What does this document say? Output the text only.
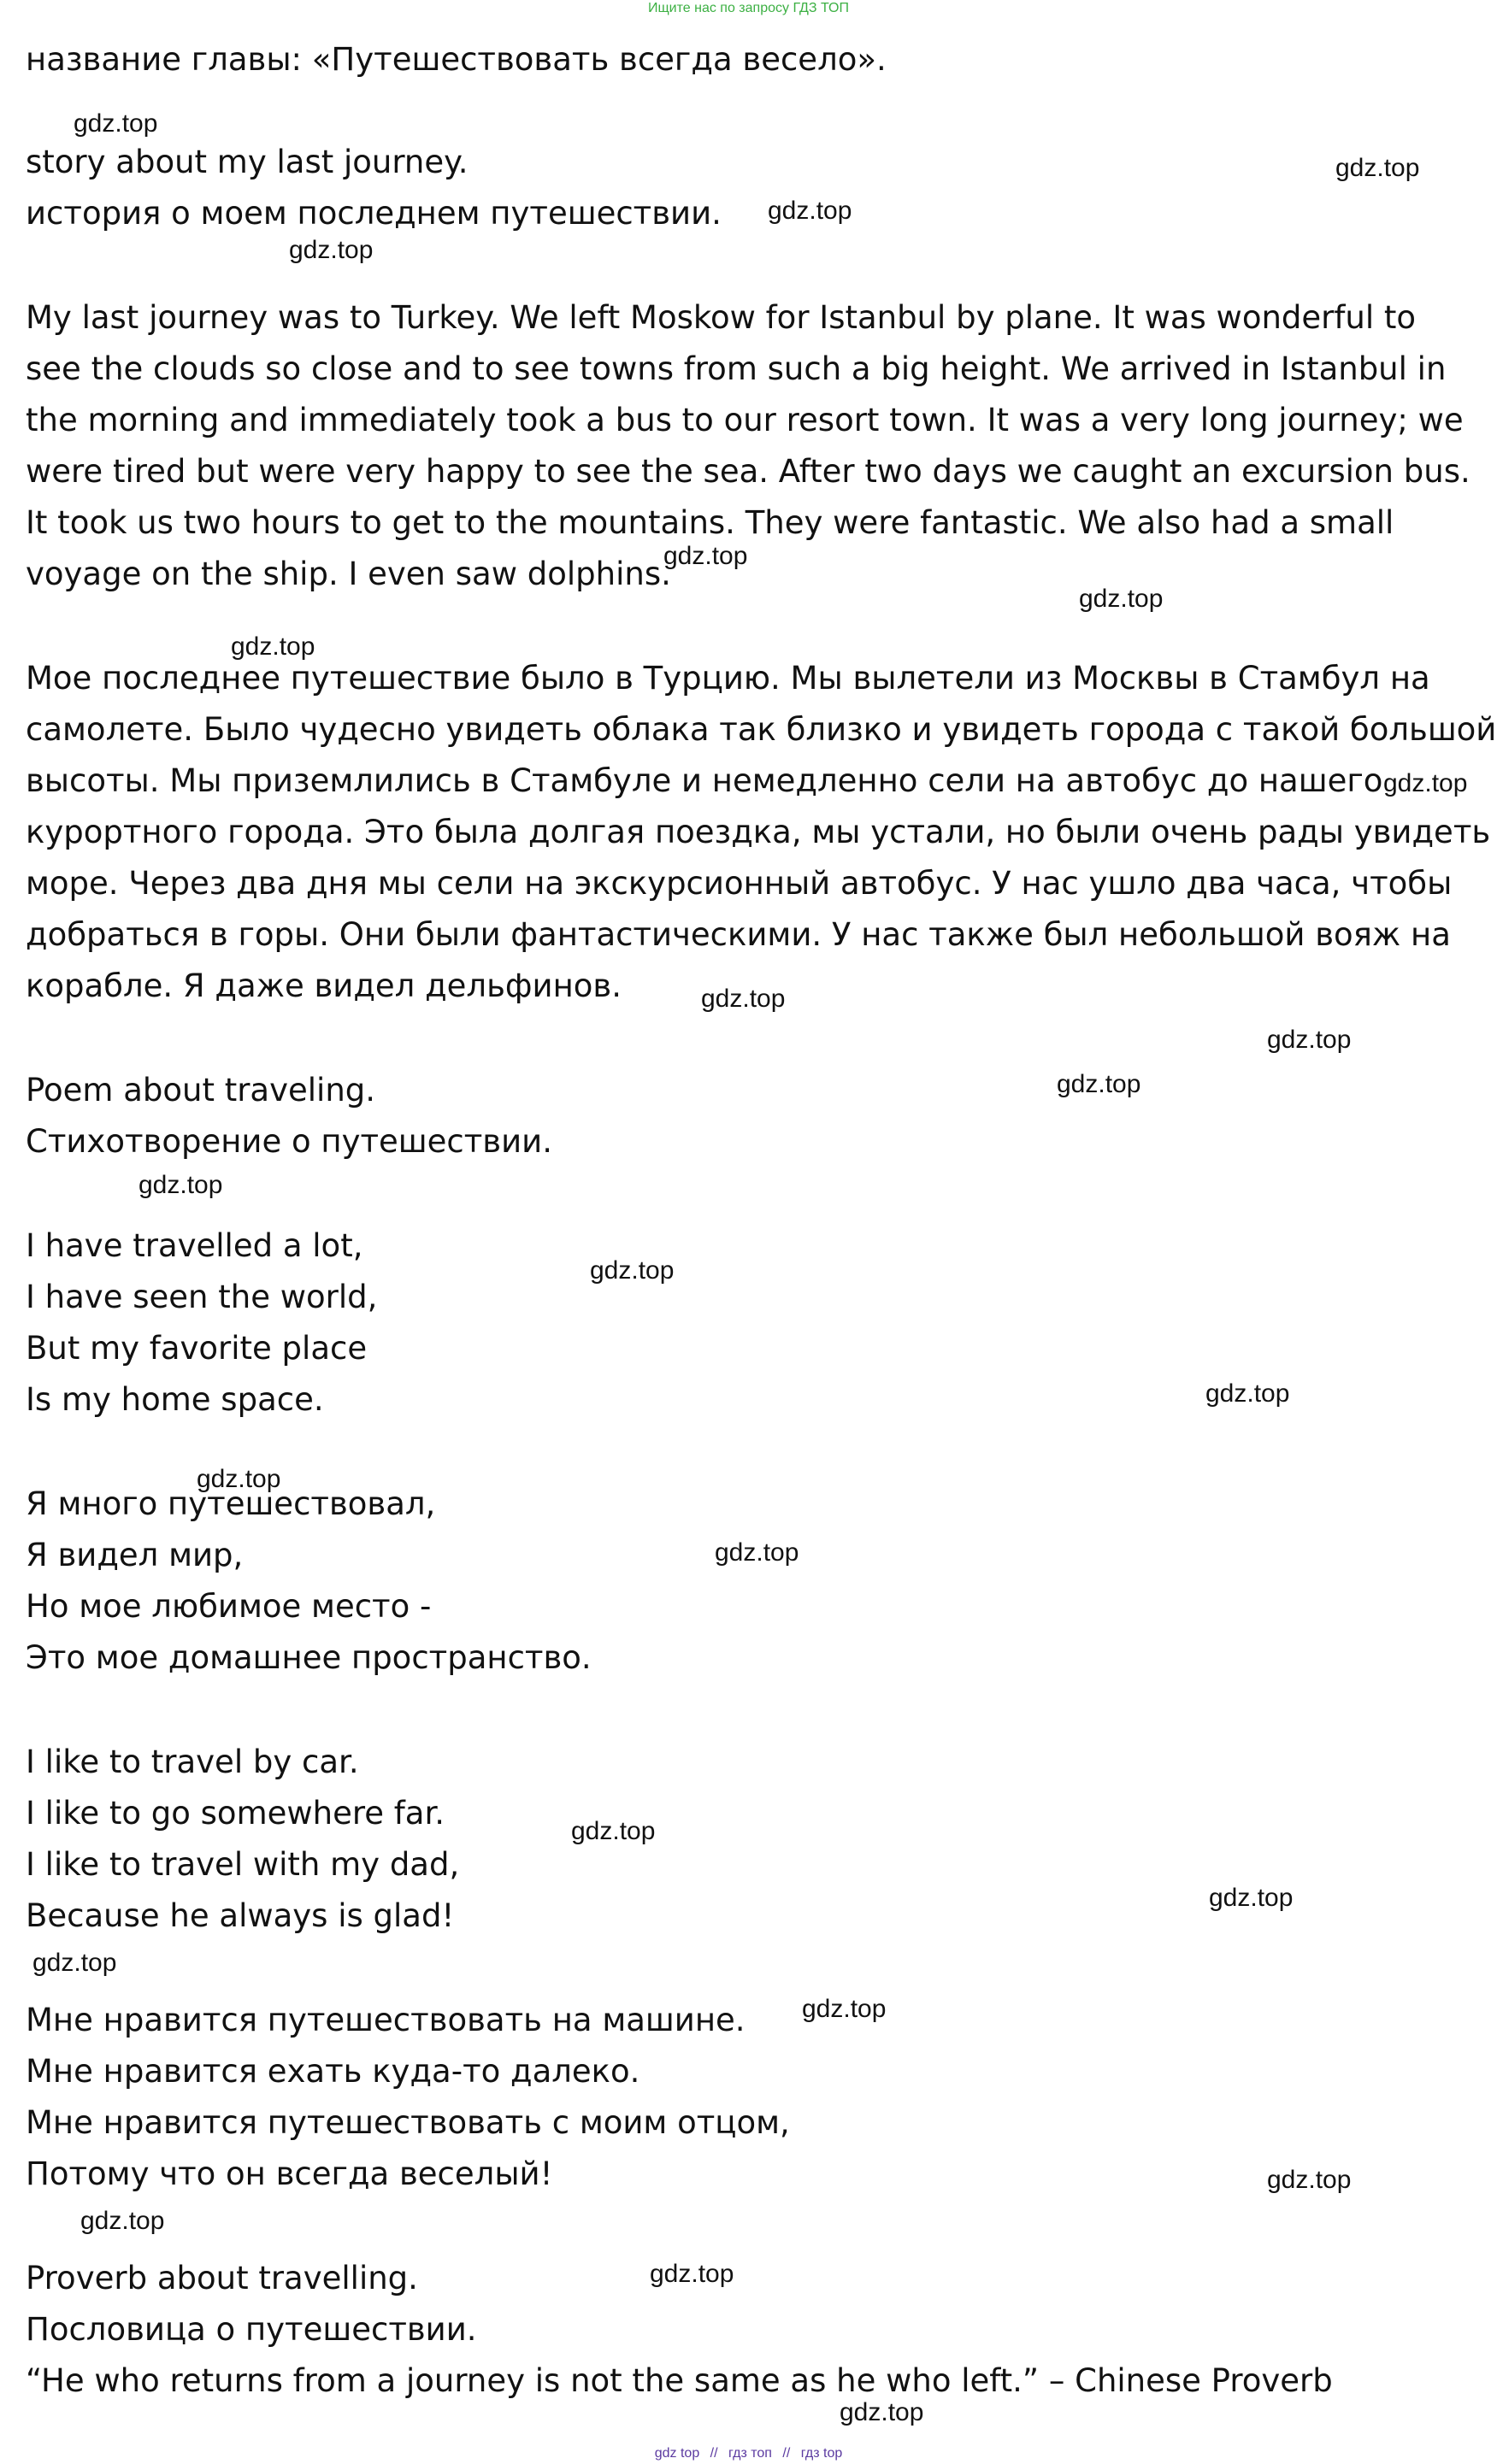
Ищите нас по запросу ГДЗ ТОП
название главы: «Путешествовать всегда весело».
story about my last journey.
история о моем последнем путешествии.
My last journey was to Turkey. We left Moskow for Istanbul by plane. It was wonderful to
see the clouds so close and to see towns from such a big height. We arrived in Istanbul in
the morning and immediately took a bus to our resort town. It was a very long journey; we
were tired but were very happy to see the sea. After two days we caught an excursion bus.
It took us two hours to get to the mountains. They were fantastic. We also had a small
voyage on the ship. I even saw dolphins.
Мое последнее путешествие было в Турцию. Мы вылетели из Москвы в Стамбул на
самолете. Было чудесно увидеть облака так близко и увидеть города с такой большой
высоты. Мы приземлились в Стамбуле и немедленно сели на автобус до нашего
курортного города. Это была долгая поездка, мы устали, но были очень рады увидеть
море. Через два дня мы сели на экскурсионный автобус. У нас ушло два часа, чтобы
добраться в горы. Они были фантастическими. У нас также был небольшой вояж на
корабле. Я даже видел дельфинов.
Poem about traveling.
Стихотворение о путешествии.
I have travelled a lot,
I have seen the world,
But my favorite place
Is my home space.
Я много путешествовал,
Я видел мир,
Но мое любимое место -
Это мое домашнее пространство.
I like to travel by car.
I like to go somewhere far.
I like to travel with my dad,
Because he always is glad!
Мне нравится путешествовать на машине.
Мне нравится ехать куда-то далеко.
Мне нравится путешествовать с моим отцом,
Потому что он всегда веселый!
Proverb about travelling.
Пословица о путешествии.
“He who returns from a journey is not the same as he who left.” – Chinese Proverb
gdz.top
gdz.top
gdz.top
gdz.top
gdz.top
gdz.top
gdz.top
gdz.top
gdz.top
gdz.top
gdz.top
gdz.top
gdz.top
gdz.top
gdz.top
gdz.top
gdz.top
gdz.top
gdz.top
gdz.top
gdz.top
gdz.top
gdz.top
gdz.top
gdz top // гдз топ // гдз top
